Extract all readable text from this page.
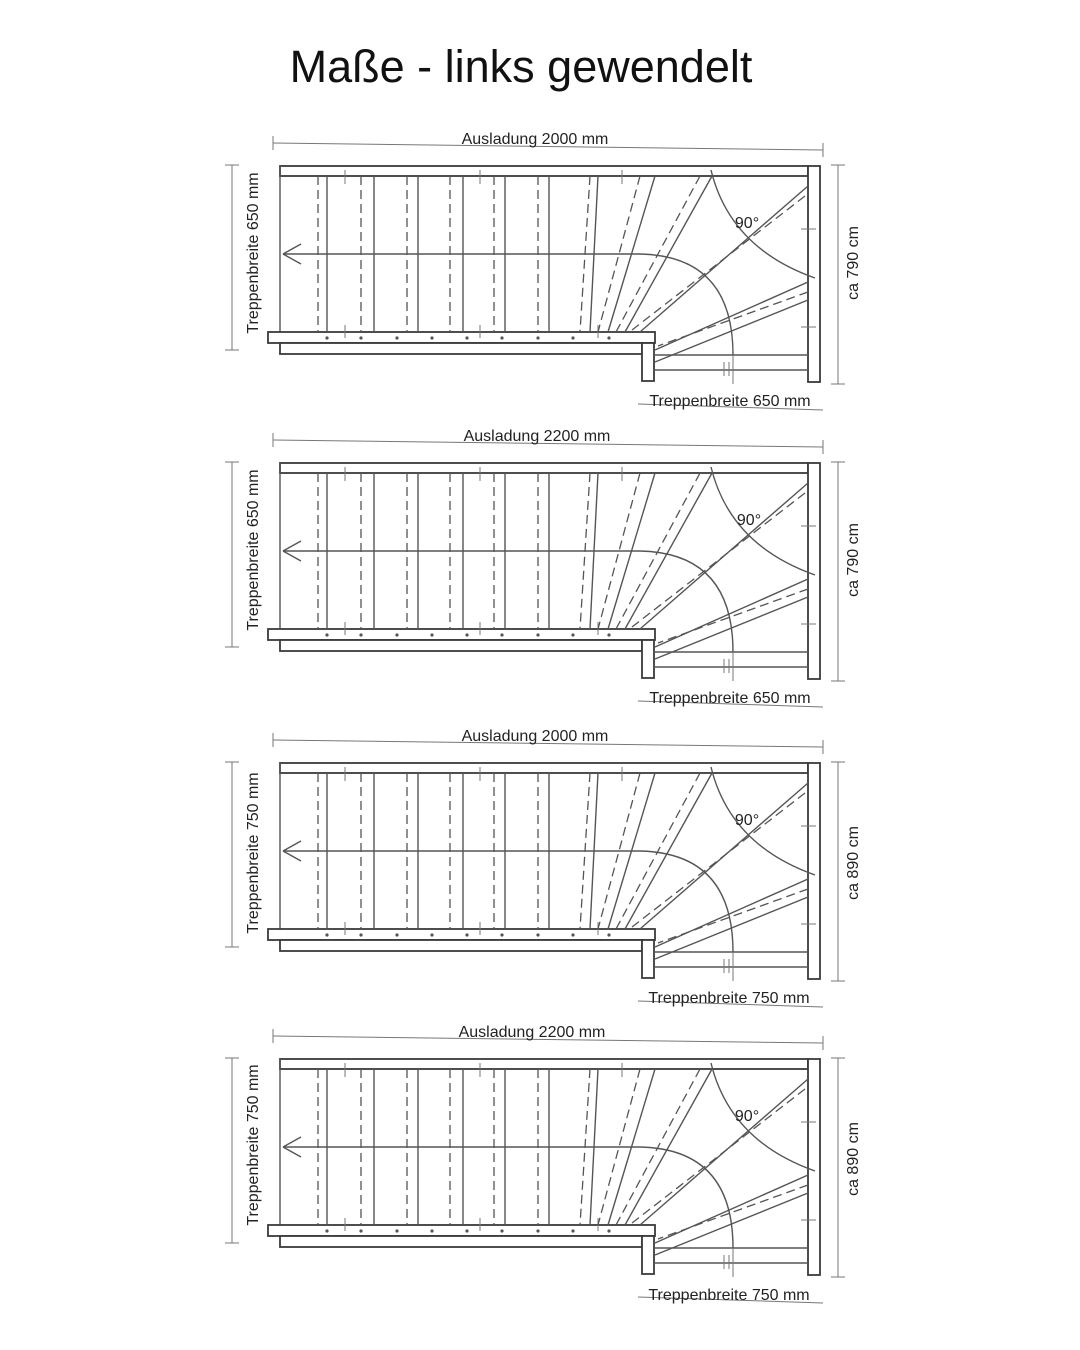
Maße - links gewendelt
Ausladung 2000 mm
Treppenbreite 650 mm	ca 790 cm
Treppenbreite 650 mm
90°
Ausladung 2200 mm
Treppenbreite 650 mm	ca 790 cm
Treppenbreite 650 mm
90°
Ausladung 2000 mm
Treppenbreite 750 mm	ca 890 cm
Treppenbreite 750 mm
90°
Ausladung 2200 mm
Treppenbreite 750 mm	ca 890 cm
Treppenbreite 750 mm
90°
